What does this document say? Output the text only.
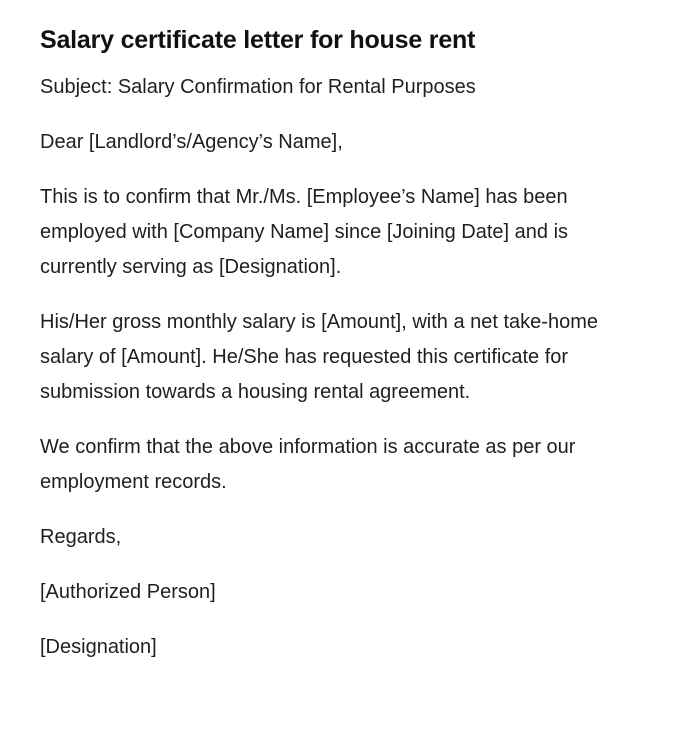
Salary certificate letter for house rent

Subject: Salary Confirmation for Rental Purposes

Dear [Landlord’s/Agency’s Name],

This is to confirm that Mr./Ms. [Employee’s Name] has been employed with [Company Name] since [Joining Date] and is currently serving as [Designation].

His/Her gross monthly salary is [Amount], with a net take-home salary of [Amount]. He/She has requested this certificate for submission towards a housing rental agreement.

We confirm that the above information is accurate as per our employment records.

Regards,

[Authorized Person]

[Designation]
